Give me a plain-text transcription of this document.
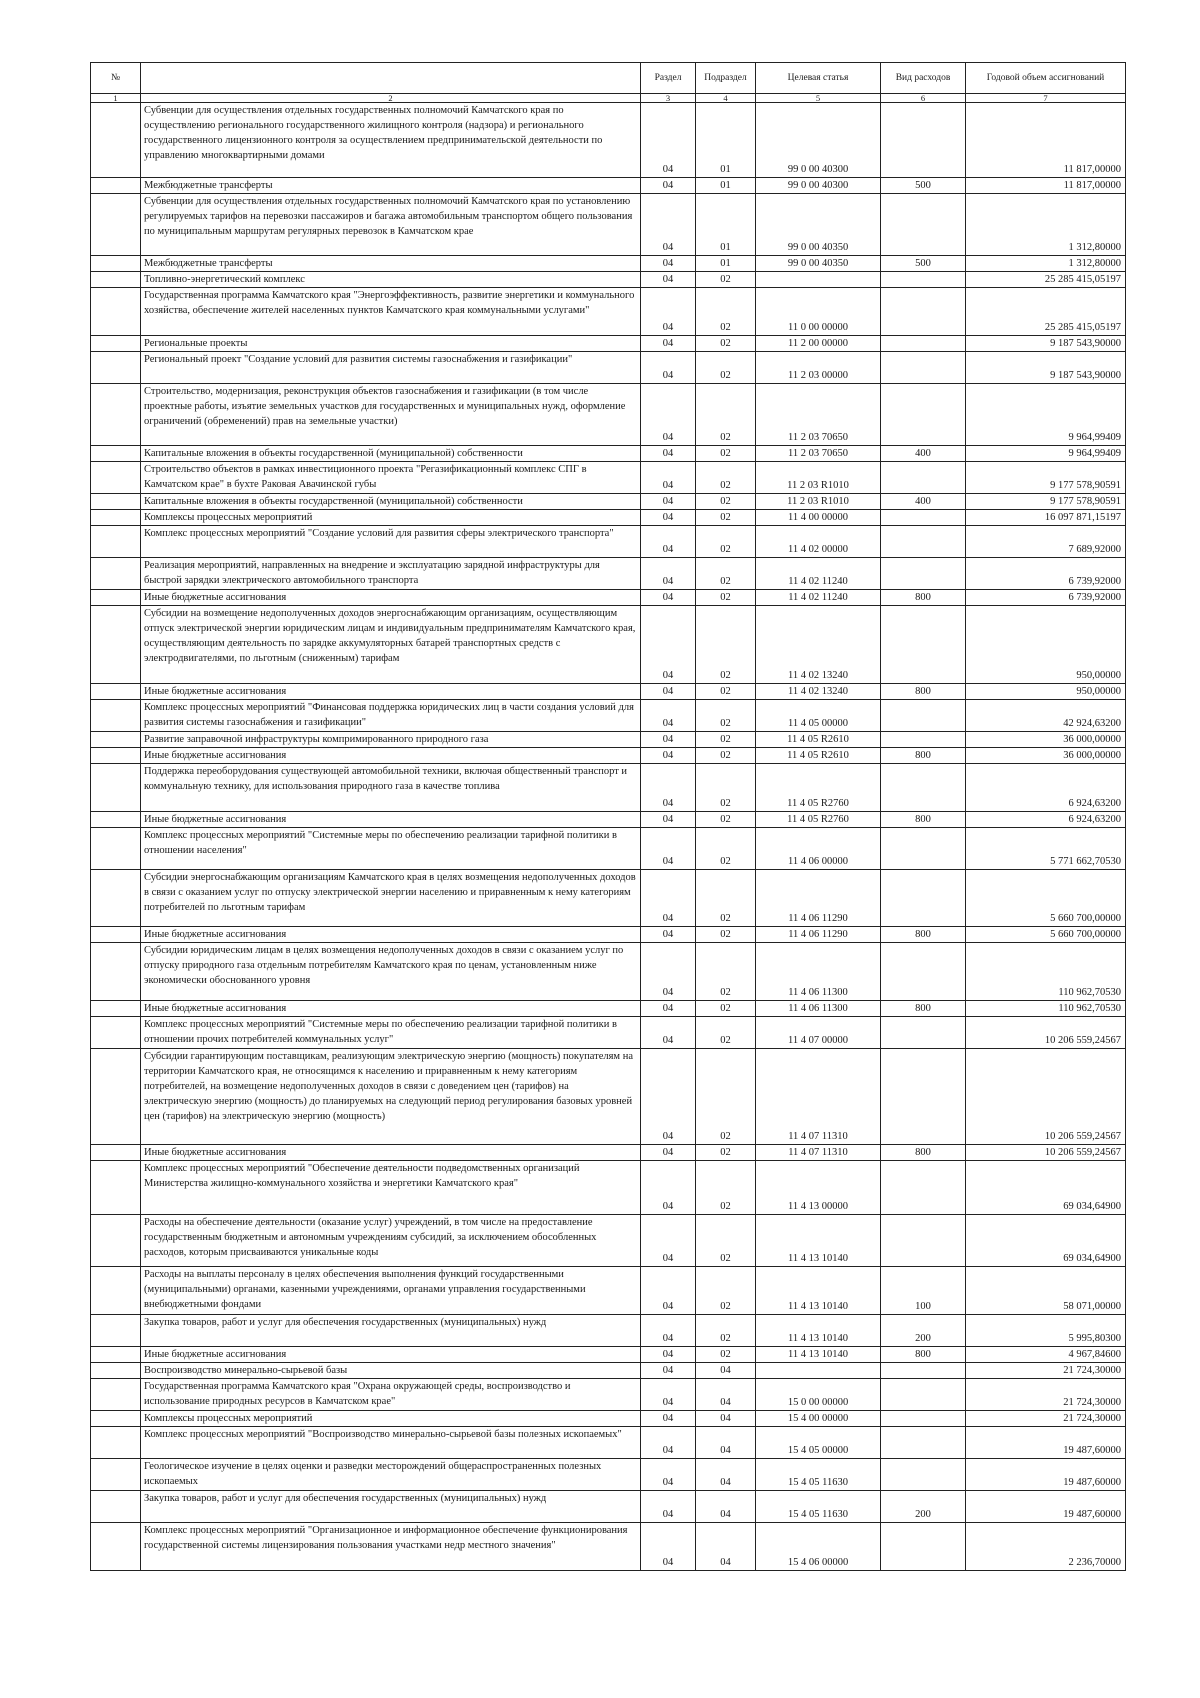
№		Раздел	Подраздел	Целевая статья	Вид расходов	Годовой объем ассигнований
1	2	3	4	5	6	7
	Субвенции для осуществления отдельных государственных полномочий Камчатского края по осуществлению регионального государственного жилищного контроля (надзора) и регионального государственного лицензионного контроля за осуществлением предпринимательской деятельности по управлению многоквартирными домами	04	01	99 0 00 40300		11 817,00000
	Межбюджетные трансферты	04	01	99 0 00 40300	500	11 817,00000
	Субвенции для осуществления отдельных государственных полномочий Камчатского края по установлению регулируемых тарифов на перевозки пассажиров и багажа автомобильным транспортом общего пользования по муниципальным маршрутам регулярных перевозок в Камчатском крае	04	01	99 0 00 40350		1 312,80000
	Межбюджетные трансферты	04	01	99 0 00 40350	500	1 312,80000
	Топливно-энергетический комплекс	04	02			25 285 415,05197
	Государственная программа Камчатского края "Энергоэффективность, развитие энергетики и коммунального хозяйства, обеспечение жителей населенных пунктов Камчатского края коммунальными услугами"	04	02	11 0 00 00000		25 285 415,05197
	Региональные проекты	04	02	11 2 00 00000		9 187 543,90000
	Региональный проект "Создание условий для развития системы газоснабжения и газификации"	04	02	11 2 03 00000		9 187 543,90000
	Строительство, модернизация, реконструкция объектов газоснабжения и газификации (в том числе проектные работы, изъятие земельных участков для государственных и муниципальных нужд, оформление ограничений (обременений) прав на земельные участки)	04	02	11 2 03 70650		9 964,99409
	Капитальные вложения в объекты государственной (муниципальной) собственности	04	02	11 2 03 70650	400	9 964,99409
	Строительство объектов в рамках инвестиционного проекта "Регазификационный комплекс СПГ в Камчатском крае" в бухте Раковая Авачинской губы	04	02	11 2 03 R1010		9 177 578,90591
	Капитальные вложения в объекты государственной (муниципальной) собственности	04	02	11 2 03 R1010	400	9 177 578,90591
	Комплексы процессных мероприятий	04	02	11 4 00 00000		16 097 871,15197
	Комплекс процессных мероприятий "Создание условий для развития сферы электрического транспорта"	04	02	11 4 02 00000		7 689,92000
	Реализация мероприятий, направленных на внедрение и эксплуатацию зарядной инфраструктуры для быстрой зарядки электрического автомобильного транспорта	04	02	11 4 02 11240		6 739,92000
	Иные бюджетные ассигнования	04	02	11 4 02 11240	800	6 739,92000
	Субсидии на возмещение недополученных доходов энергоснабжающим организациям, осуществляющим отпуск электрической энергии юридическим лицам и индивидуальным предпринимателям Камчатского края, осуществляющим деятельность по зарядке аккумуляторных батарей транспортных средств с электродвигателями, по льготным (сниженным) тарифам	04	02	11 4 02 13240		950,00000
	Иные бюджетные ассигнования	04	02	11 4 02 13240	800	950,00000
	Комплекс процессных мероприятий "Финансовая поддержка юридических лиц в части создания условий для развития системы газоснабжения и газификации"	04	02	11 4 05 00000		42 924,63200
	Развитие заправочной инфраструктуры компримированного природного газа	04	02	11 4 05 R2610		36 000,00000
	Иные бюджетные ассигнования	04	02	11 4 05 R2610	800	36 000,00000
	Поддержка переоборудования существующей автомобильной техники, включая общественный транспорт и коммунальную технику, для использования природного газа в качестве топлива	04	02	11 4 05 R2760		6 924,63200
	Иные бюджетные ассигнования	04	02	11 4 05 R2760	800	6 924,63200
	Комплекс процессных мероприятий "Системные меры по обеспечению реализации тарифной политики в отношении населения"	04	02	11 4 06 00000		5 771 662,70530
	Субсидии энергоснабжающим организациям Камчатского края в целях возмещения недополученных доходов в связи с оказанием услуг по отпуску электрической энергии населению и приравненным к нему категориям потребителей по льготным тарифам	04	02	11 4 06 11290		5 660 700,00000
	Иные бюджетные ассигнования	04	02	11 4 06 11290	800	5 660 700,00000
	Субсидии юридическим лицам в целях возмещения недополученных доходов в связи с оказанием услуг по отпуску природного газа отдельным потребителям Камчатского края по ценам, установленным ниже экономически обоснованного уровня	04	02	11 4 06 11300		110 962,70530
	Иные бюджетные ассигнования	04	02	11 4 06 11300	800	110 962,70530
	Комплекс процессных мероприятий "Системные меры по обеспечению реализации тарифной политики в отношении прочих потребителей коммунальных услуг"	04	02	11 4 07 00000		10 206 559,24567
	Субсидии гарантирующим поставщикам, реализующим электрическую энергию (мощность) покупателям на территории Камчатского края, не относящимся к населению и приравненным к нему категориям потребителей, на возмещение недополученных доходов в связи с доведением цен (тарифов) на электрическую энергию (мощность) до планируемых на следующий период регулирования базовых уровней цен (тарифов) на электрическую энергию (мощность)	04	02	11 4 07 11310		10 206 559,24567
	Иные бюджетные ассигнования	04	02	11 4 07 11310	800	10 206 559,24567
	Комплекс процессных мероприятий "Обеспечение деятельности подведомственных организаций Министерства жилищно-коммунального хозяйства и энергетики Камчатского края"	04	02	11 4 13 00000		69 034,64900
	Расходы на обеспечение деятельности (оказание услуг) учреждений, в том числе на предоставление государственным бюджетным и автономным учреждениям субсидий, за исключением обособленных расходов, которым присваиваются уникальные коды	04	02	11 4 13 10140		69 034,64900
	Расходы на выплаты персоналу в целях обеспечения выполнения функций государственными (муниципальными) органами, казенными учреждениями, органами управления государственными внебюджетными фондами	04	02	11 4 13 10140	100	58 071,00000
	Закупка товаров, работ и услуг для обеспечения государственных (муниципальных) нужд	04	02	11 4 13 10140	200	5 995,80300
	Иные бюджетные ассигнования	04	02	11 4 13 10140	800	4 967,84600
	Воспроизводство минерально-сырьевой базы	04	04			21 724,30000
	Государственная программа Камчатского края "Охрана окружающей среды, воспроизводство и использование природных ресурсов в Камчатском крае"	04	04	15 0 00 00000		21 724,30000
	Комплексы процессных мероприятий	04	04	15 4 00 00000		21 724,30000
	Комплекс процессных мероприятий "Воспроизводство минерально-сырьевой базы полезных ископаемых"	04	04	15 4 05 00000		19 487,60000
	Геологическое изучение в целях оценки и разведки месторождений общераспространенных полезных ископаемых	04	04	15 4 05 11630		19 487,60000
	Закупка товаров, работ и услуг для обеспечения государственных (муниципальных) нужд	04	04	15 4 05 11630	200	19 487,60000
	Комплекс процессных мероприятий "Организационное и информационное обеспечение функционирования государственной системы лицензирования пользования участками недр местного значения"	04	04	15 4 06 00000		2 236,70000
